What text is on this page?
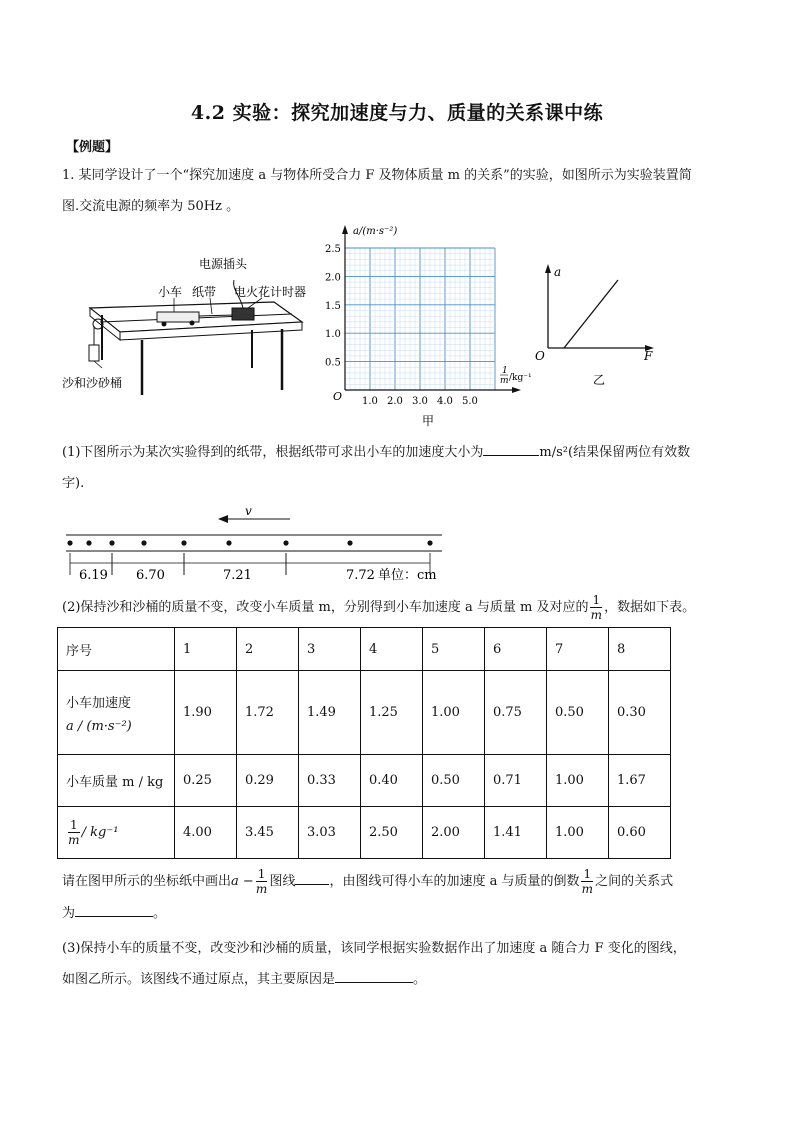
4.2 实验：探究加速度与力、质量的关系课中练
【例题】
1. 某同学设计了一个“探究加速度 a 与物体所受合力 F 及物体质量 m 的关系”的实验，如图所示为实验装置简
图.交流电源的频率为 50Hz 。
电源插头
小车 纸带 电火花计时器
沙和沙砂桶
a/(m·s⁻²)
O
1
m /kg⁻¹
1.0 2.0 3.0 4.0 5.0
0.5
1.0
1.5
2.0
2.5
甲
a
F
O
乙
(1)下图所示为某次实验得到的纸带，根据纸带可求出小车的加速度大小为	m/s²(结果保留两位有效数
字).
v
6.19 6.70	7.21	7.72 单位：cm
(2)保持沙和沙桶的质量不变，改变小车质量 m，分别得到小车加速度 a 与质量 m 及对应的 $\frac{1}{m}$ ，数据如下表。
序号	1	2	3	4	5	6	7	8

小车加速度
a / (m·s⁻²)	1.90	1.72	1.49	1.25	1.00	0.75	0.50	0.30
小车质量 m / kg	0.25	0.29	0.33	0.40	0.50	0.71	1.00	1.67

$\frac{1}{m} / kg^{-1}$	4.00	3.45	3.03	2.50	2.00	1.41	1.00	0.60
请在图甲所示的坐标纸中画出$a - \frac{1}{m}$ 图线	，由图线可得小车的加速度 a 与质量的倒数 $\frac{1}{m}$ 之间的关系式
为	。
(3)保持小车的质量不变，改变沙和沙桶的质量，该同学根据实验数据作出了加速度 a 随合力 F 变化的图线，
如图乙所示。该图线不通过原点，其主要原因是	。
